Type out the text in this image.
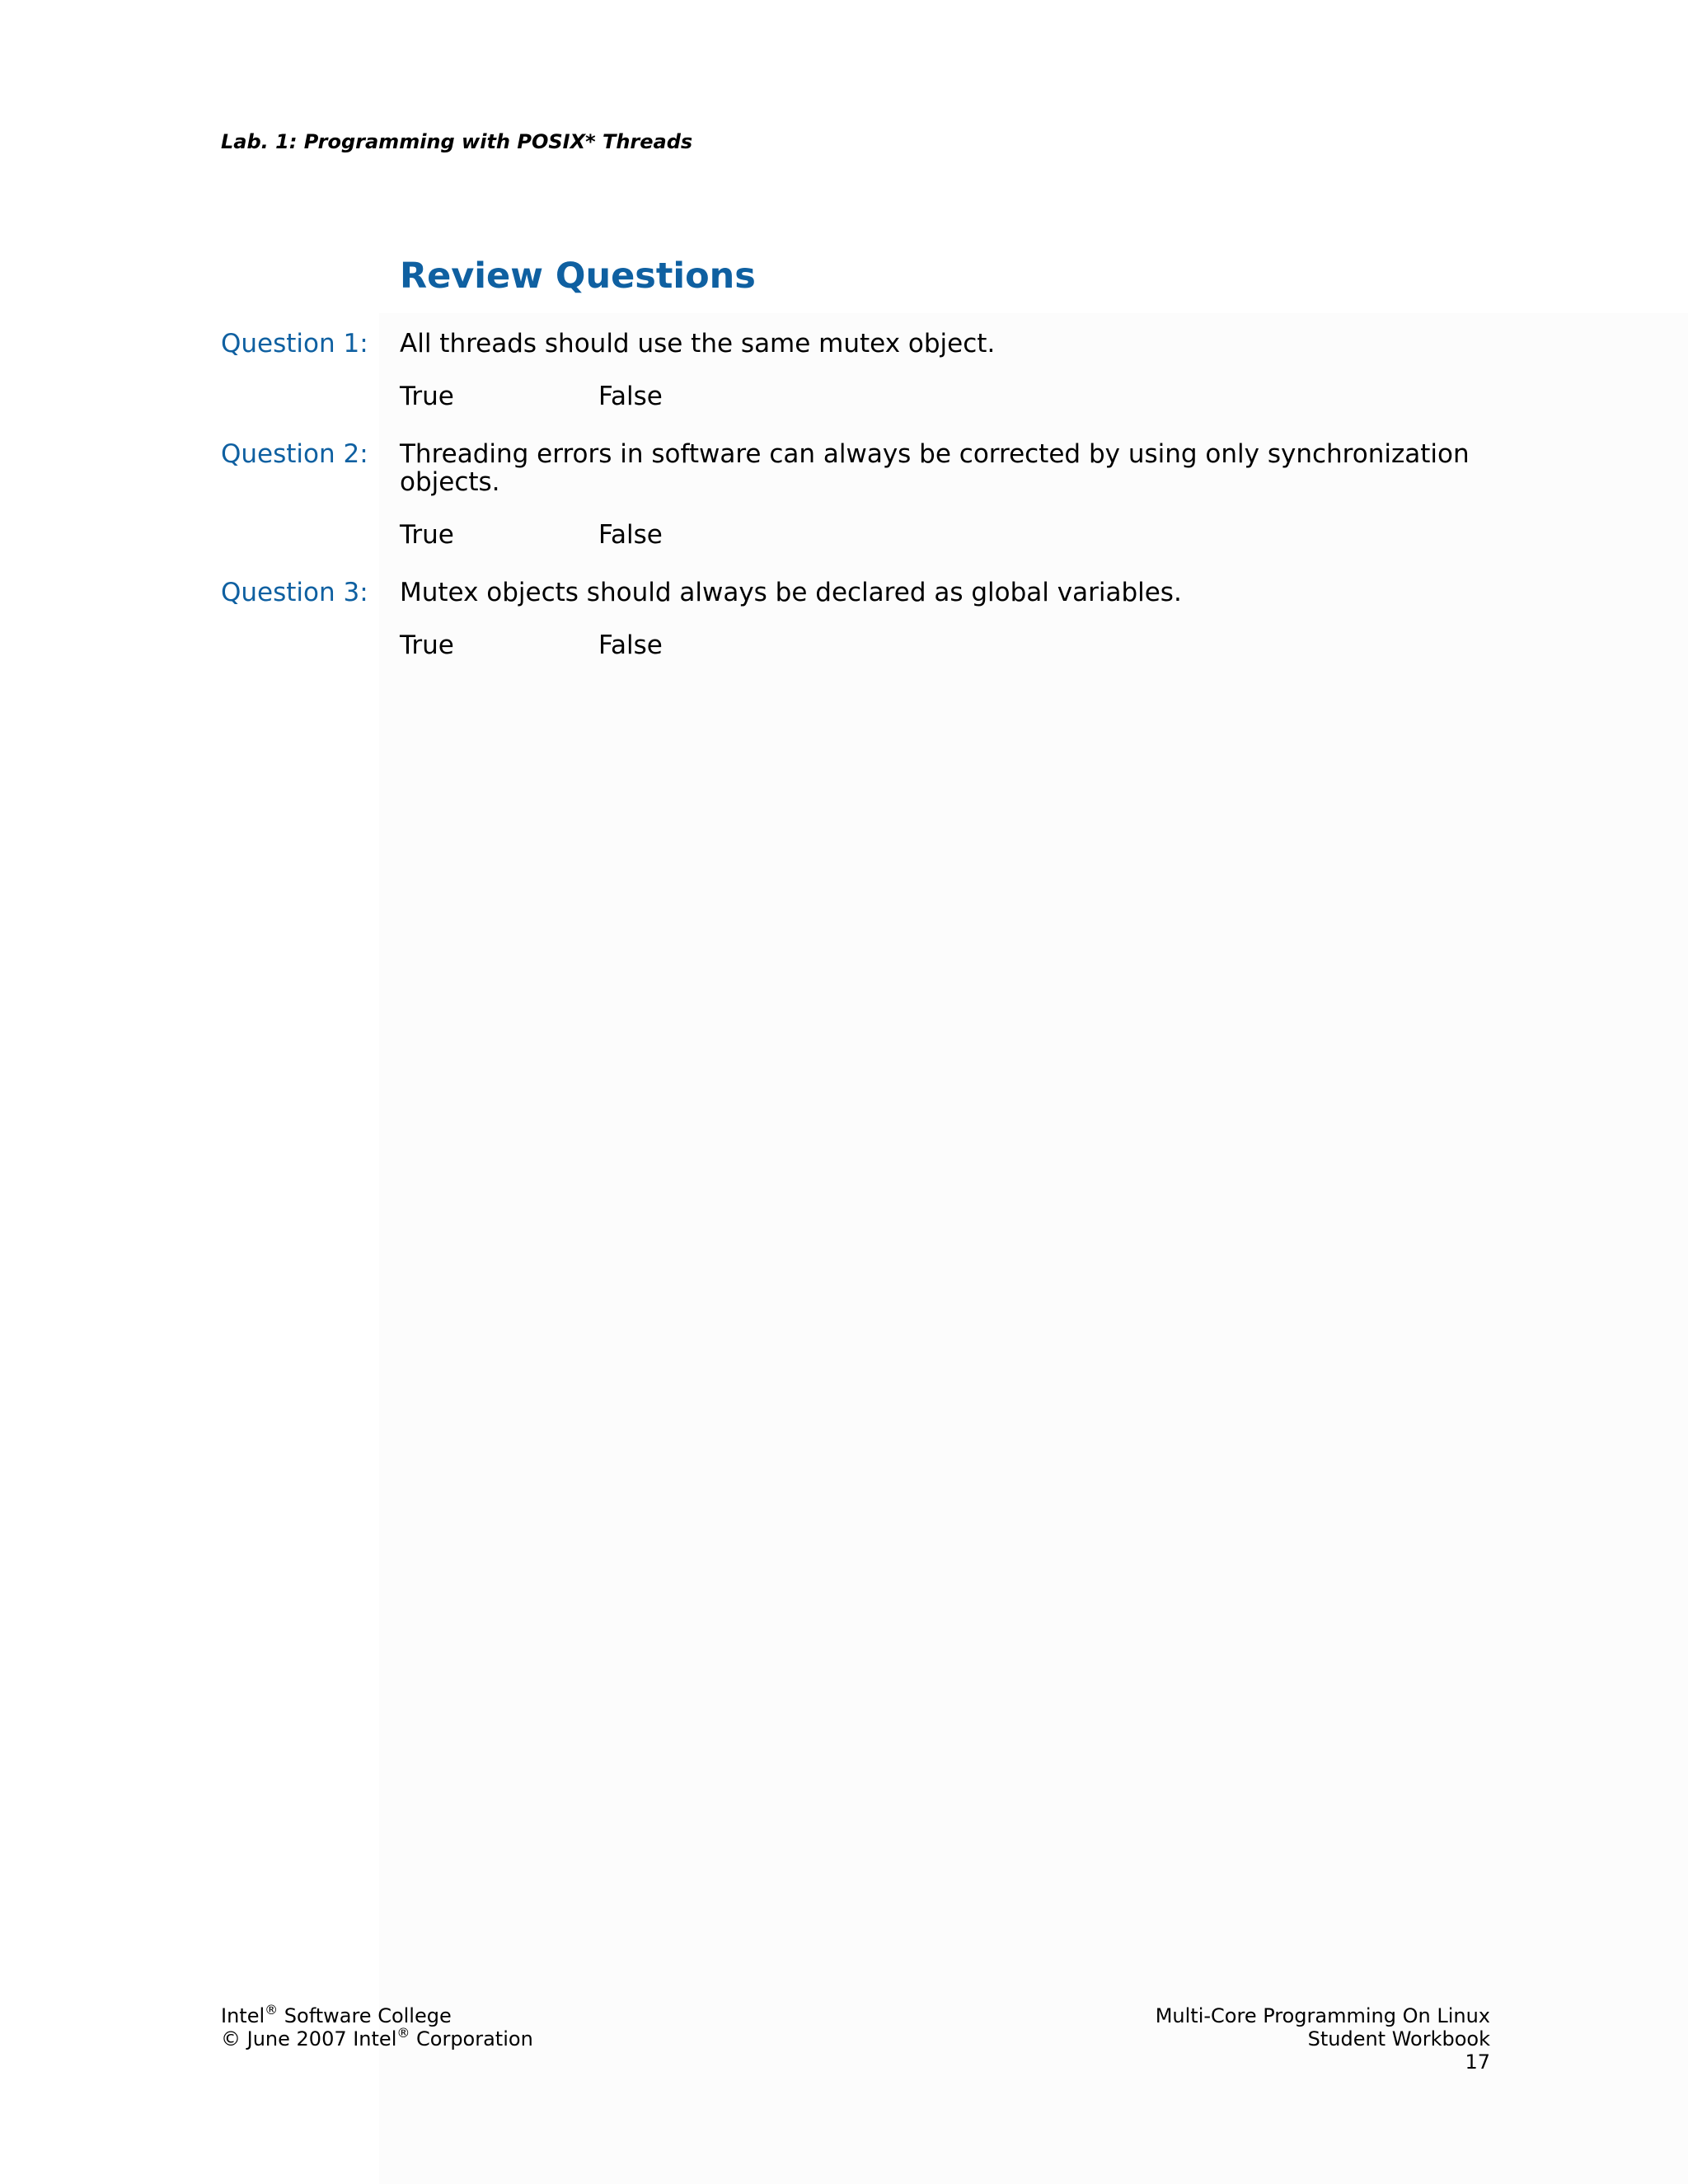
Lab. 1: Programming with POSIX* Threads
Review Questions
Question 1: All threads should use the same mutex object.
True	False
Question 2: Threading errors in software can always be corrected by using only synchronization objects.
True	False
Question 3: Mutex objects should always be declared as global variables.
True	False
Intel® Software College
© June 2007 Intel® Corporation
Multi-Core Programming On Linux
Student Workbook
17
